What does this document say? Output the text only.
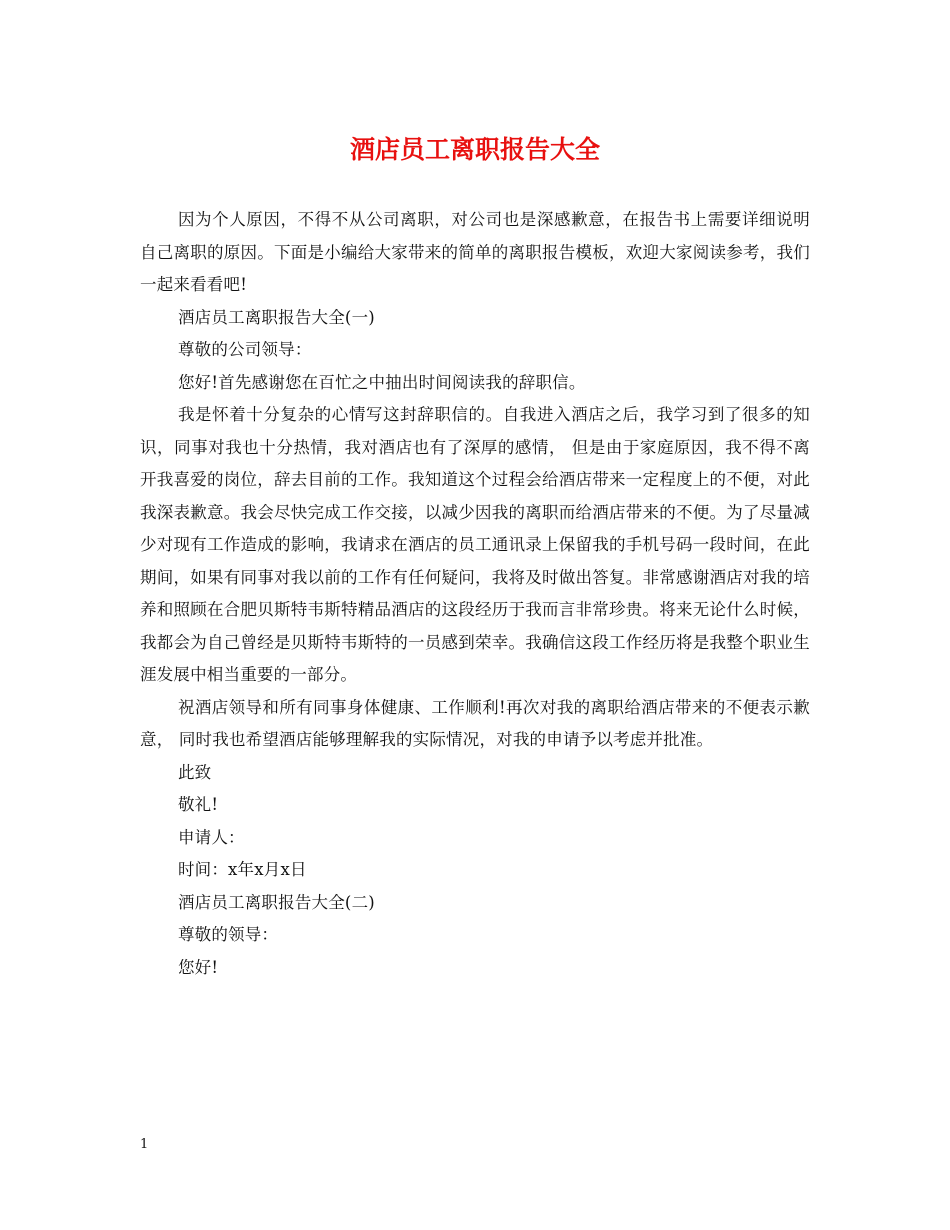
酒店员工离职报告大全

因为个人原因，不得不从公司离职，对公司也是深感歉意，在报告书上需要详细说明自己离职的原因。下面是小编给大家带来的简单的离职报告模板，欢迎大家阅读参考，我们一起来看看吧!

酒店员工离职报告大全(一)

尊敬的公司领导：

您好!首先感谢您在百忙之中抽出时间阅读我的辞职信。

我是怀着十分复杂的心情写这封辞职信的。自我进入酒店之后，我学习到了很多的知识，同事对我也十分热情，我对酒店也有了深厚的感情， 但是由于家庭原因，我不得不离开我喜爱的岗位，辞去目前的工作。我知道这个过程会给酒店带来一定程度上的不便，对此我深表歉意。我会尽快完成工作交接，以减少因我的离职而给酒店带来的不便。为了尽量减少对现有工作造成的影响，我请求在酒店的员工通讯录上保留我的手机号码一段时间，在此期间，如果有同事对我以前的工作有任何疑问，我将及时做出答复。非常感谢酒店对我的培养和照顾在合肥贝斯特韦斯特精品酒店的这段经历于我而言非常珍贵。将来无论什么时候，我都会为自己曾经是贝斯特韦斯特的一员感到荣幸。我确信这段工作经历将是我整个职业生涯发展中相当重要的一部分。

祝酒店领导和所有同事身体健康、工作顺利!再次对我的离职给酒店带来的不便表示歉意， 同时我也希望酒店能够理解我的实际情况，对我的申请予以考虑并批准。

此致

敬礼!

申请人：

时间：x年x月x日

酒店员工离职报告大全(二)

尊敬的领导：

您好!

1
